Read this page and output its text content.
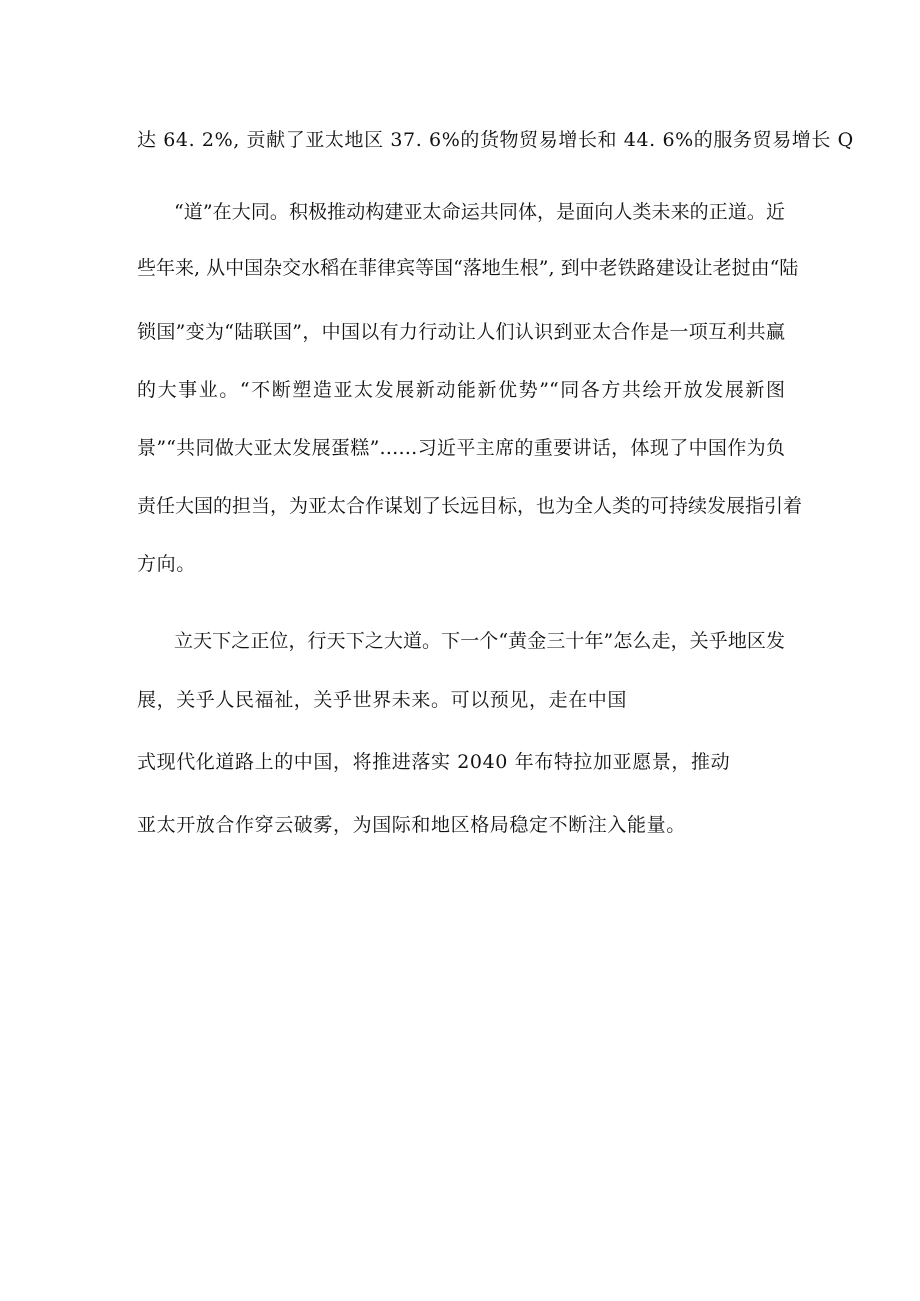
达 64. 2%, 贡献了亚太地区 37. 6%的货物贸易增长和 44. 6%的服务贸易增长 Q
“道”在大同。积极推动构建亚太命运共同体，是面向人类未来的正道。近
些年来, 从中国杂交水稻在菲律宾等国“落地生根”, 到中老铁路建设让老挝由“陆
锁国”变为“陆联国”，中国以有力行动让人们认识到亚太合作是一项互利共赢
的大事业。“不断塑造亚太发展新动能新优势”“同各方共绘开放发展新图
景”“共同做大亚太发展蛋糕”……习近平主席的重要讲话，体现了中国作为负
责任大国的担当，为亚太合作谋划了长远目标，也为全人类的可持续发展指引着
方向。
立天下之正位，行天下之大道。下一个“黄金三十年”怎么走，关乎地区发
展，关乎人民福祉，关乎世界未来。可以预见，走在中国
式现代化道路上的中国，将推进落实 2040 年布特拉加亚愿景，推动
亚太开放合作穿云破雾，为国际和地区格局稳定不断注入能量。
